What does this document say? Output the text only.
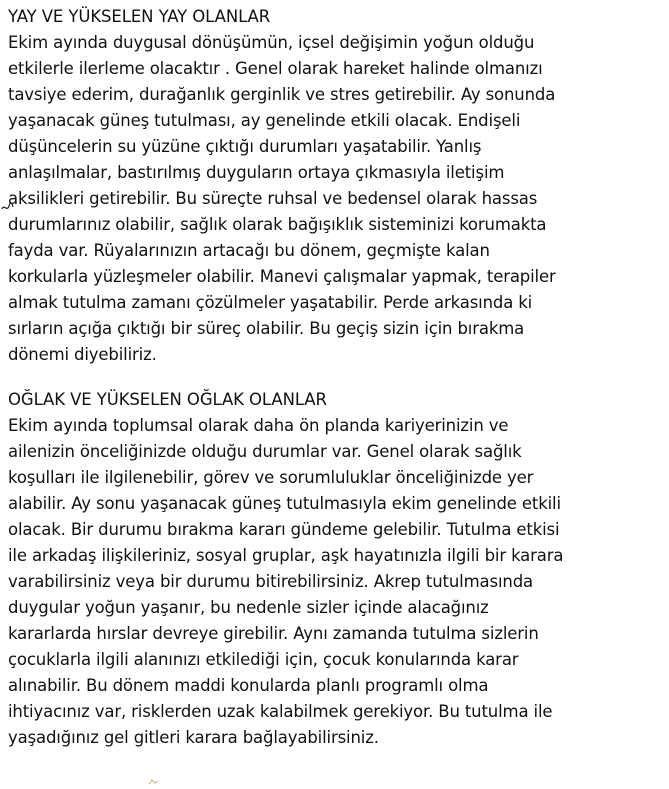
YAY VE YÜKSELEN YAY OLANLAR
Ekim ayında duygusal dönüşümün, içsel değişimin yoğun olduğu
etkilerle ilerleme olacaktır . Genel olarak hareket halinde olmanızı
tavsiye ederim, durağanlık gerginlik ve stres getirebilir. Ay sonunda
yaşanacak güneş tutulması, ay genelinde etkili olacak. Endişeli
düşüncelerin su yüzüne çıktığı durumları yaşatabilir. Yanlış
anlaşılmalar, bastırılmış duyguların ortaya çıkmasıyla iletişim
aksilikleri getirebilir. Bu süreçte ruhsal ve bedensel olarak hassas
durumlarınız olabilir, sağlık olarak bağışıklık sisteminizi korumakta
fayda var. Rüyalarınızın artacağı bu dönem, geçmişte kalan
korkularla yüzleşmeler olabilir. Manevi çalışmalar yapmak, terapiler
almak tutulma zamanı çözülmeler yaşatabilir. Perde arkasında ki
sırların açığa çıktığı bir süreç olabilir. Bu geçiş sizin için bırakma
dönemi diyebiliriz.
OĞLAK VE YÜKSELEN OĞLAK OLANLAR
Ekim ayında toplumsal olarak daha ön planda kariyerinizin ve
ailenizin önceliğinizde olduğu durumlar var. Genel olarak sağlık
koşulları ile ilgilenebilir, görev ve sorumluluklar önceliğinizde yer
alabilir. Ay sonu yaşanacak güneş tutulmasıyla ekim genelinde etkili
olacak. Bir durumu bırakma kararı gündeme gelebilir. Tutulma etkisi
ile arkadaş ilişkileriniz, sosyal gruplar, aşk hayatınızla ilgili bir karara
varabilirsiniz veya bir durumu bitirebilirsiniz. Akrep tutulmasında
duygular yoğun yaşanır, bu nedenle sizler içinde alacağınız
kararlarda hırslar devreye girebilir. Aynı zamanda tutulma sizlerin
çocuklarla ilgili alanınızı etkilediği için, çocuk konularında karar
alınabilir. Bu dönem maddi konularda planlı programlı olma
ihtiyacınız var, risklerden uzak kalabilmek gerekiyor. Bu tutulma ile
yaşadığınız gel gitleri karara bağlayabilirsiniz.
